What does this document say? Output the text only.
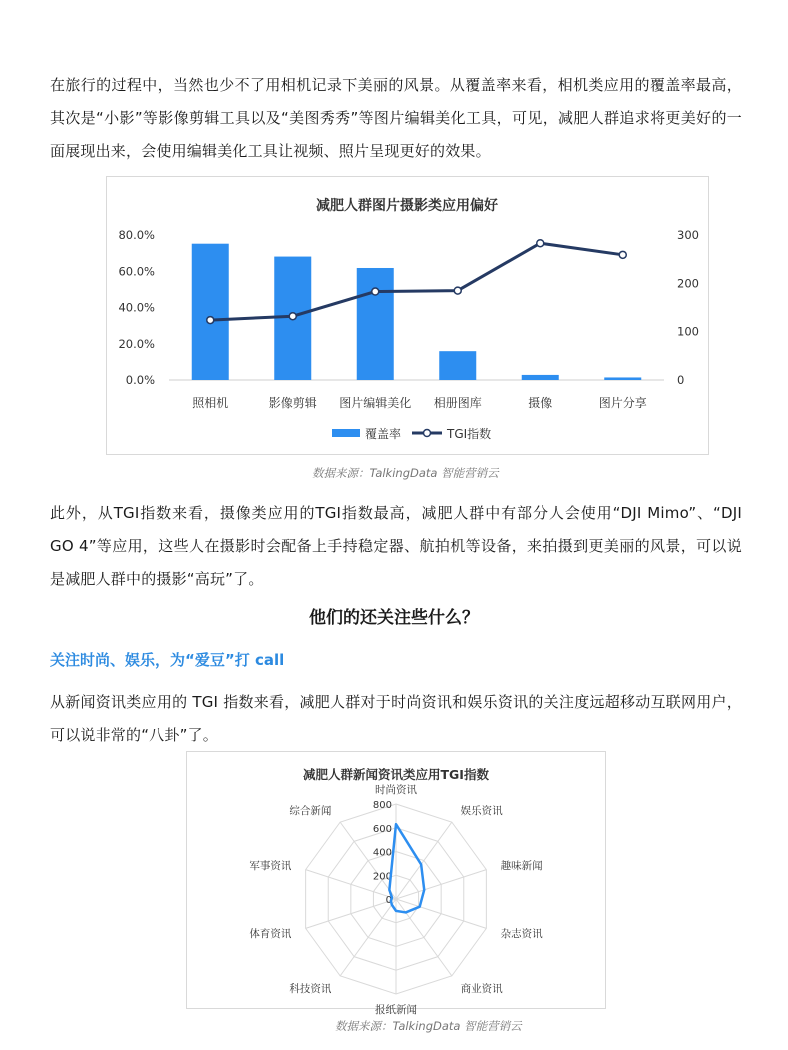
在旅行的过程中，当然也少不了用相机记录下美丽的风景。从覆盖率来看，相机类应用的覆盖率最高，其次是“小影”等影像剪辑工具以及“美图秀秀”等图片编辑美化工具，可见，减肥人群追求将更美好的一面展现出来，会使用编辑美化工具让视频、照片呈现更好的效果。

减肥人群图片摄影类应用偏好
0.0%
20.0%
40.0%
60.0%
80.0%
0
100
200
300
照相机	影像剪辑 图片编辑美化 相册图库	摄像	图片分享
覆盖率	TGI指数
数据来源：TalkingData 智能营销云

此外，从TGI指数来看，摄像类应用的TGI指数最高，减肥人群中有部分人会使用“DJI Mimo”、“DJI GO 4”等应用，这些人在摄影时会配备上手持稳定器、航拍机等设备，来拍摄到更美丽的风景，可以说是减肥人群中的摄影“高玩”了。

他们的还关注些什么？
关注时尚、娱乐，为“爱豆”打 call

从新闻资讯类应用的 TGI 指数来看，减肥人群对于时尚资讯和娱乐资讯的关注度远超移动互联网用户，可以说非常的“八卦”了。

减肥人群新闻资讯类应用TGI指数
0
200
400
600
800
时尚资讯
娱乐资讯
趣味新闻
杂志资讯
商业资讯
报纸新闻
科技资讯
体育资讯
军事资讯
综合新闻
数据来源：TalkingData 智能营销云
